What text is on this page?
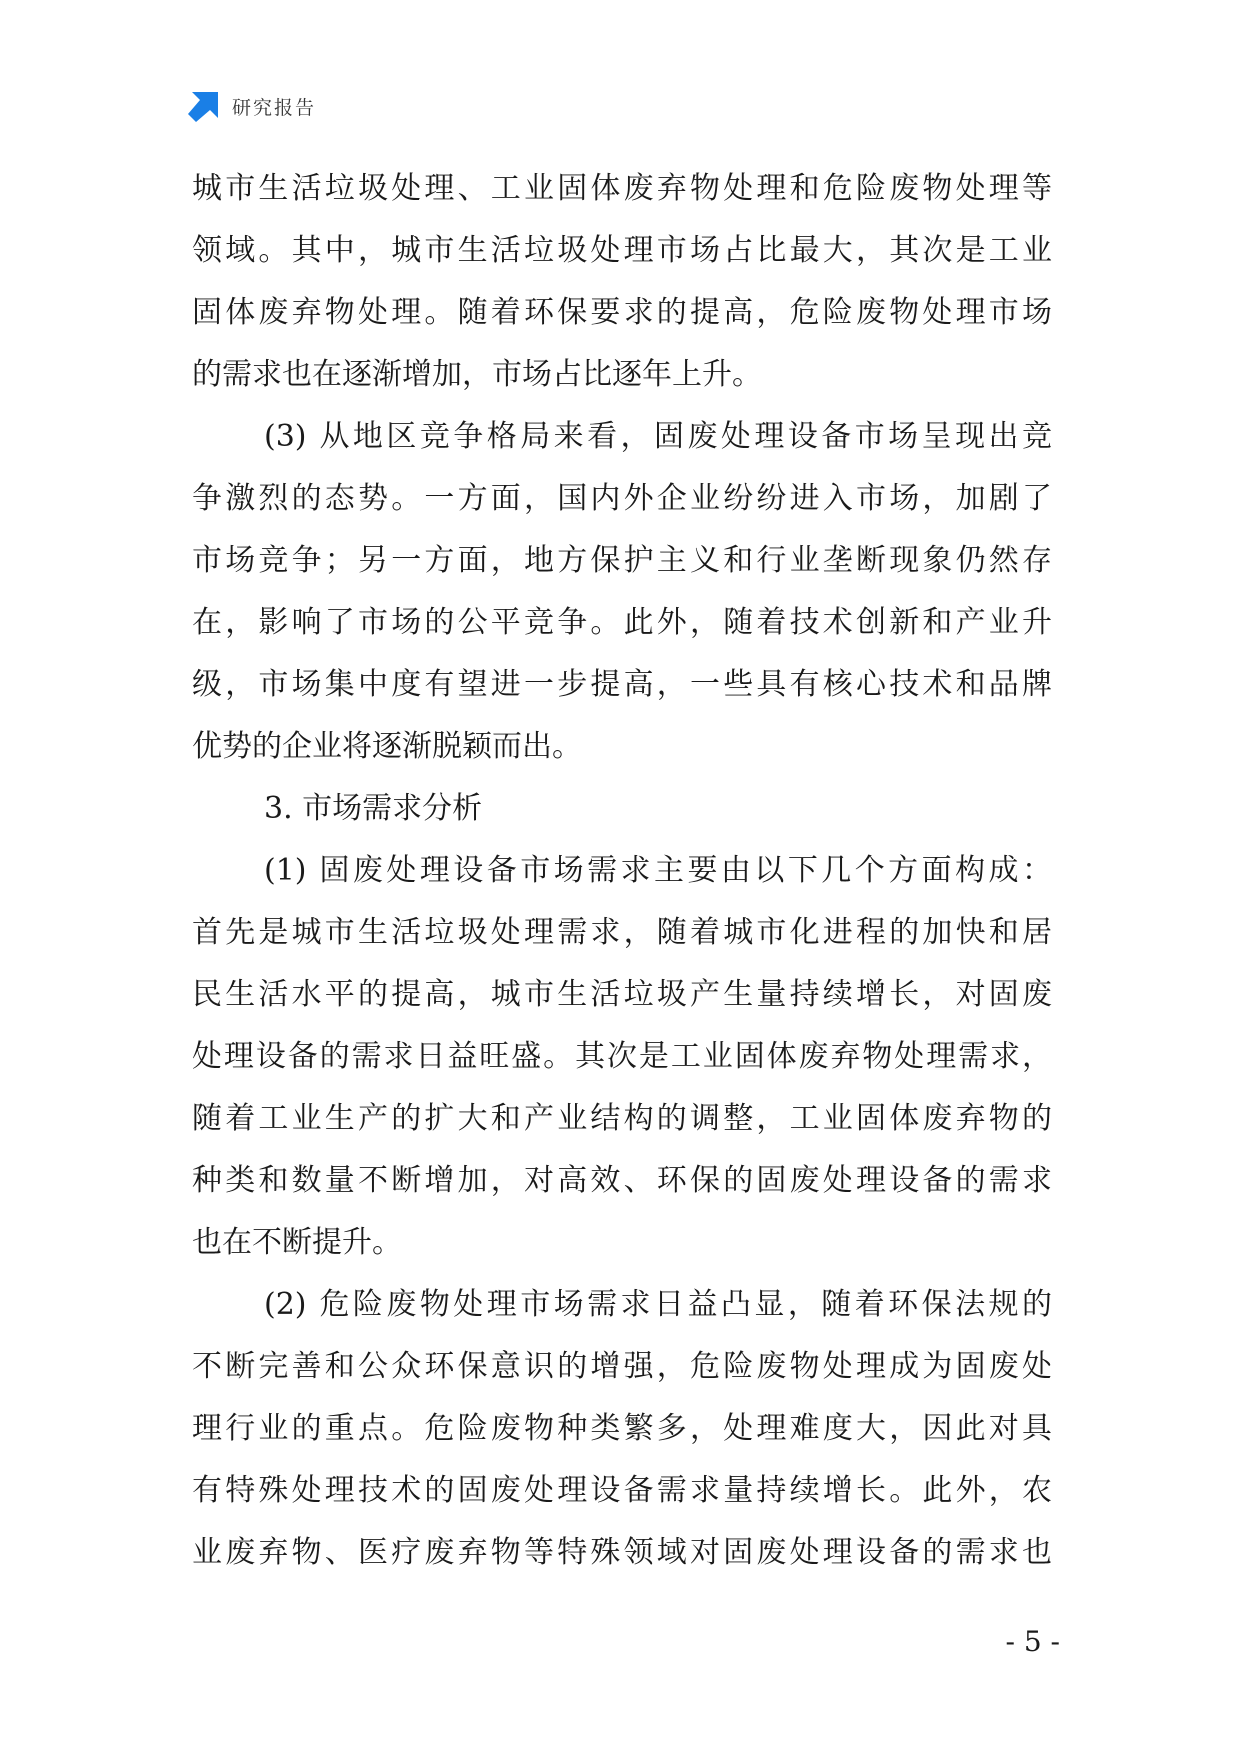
研究报告
城市生活垃圾处理、工业固体废弃物处理和危险废物处理等
领域。其中，城市生活垃圾处理市场占比最大，其次是工业
固体废弃物处理。随着环保要求的提高，危险废物处理市场
的需求也在逐渐增加，市场占比逐年上升。
(3) 从地区竞争格局来看，固废处理设备市场呈现出竞
争激烈的态势。一方面，国内外企业纷纷进入市场，加剧了
市场竞争；另一方面，地方保护主义和行业垄断现象仍然存
在，影响了市场的公平竞争。此外，随着技术创新和产业升
级，市场集中度有望进一步提高，一些具有核心技术和品牌
优势的企业将逐渐脱颖而出。
3. 市场需求分析
(1) 固废处理设备市场需求主要由以下几个方面构成：
首先是城市生活垃圾处理需求，随着城市化进程的加快和居
民生活水平的提高，城市生活垃圾产生量持续增长，对固废
处理设备的需求日益旺盛。其次是工业固体废弃物处理需求，
随着工业生产的扩大和产业结构的调整，工业固体废弃物的
种类和数量不断增加，对高效、环保的固废处理设备的需求
也在不断提升。
(2) 危险废物处理市场需求日益凸显，随着环保法规的
不断完善和公众环保意识的增强，危险废物处理成为固废处
理行业的重点。危险废物种类繁多，处理难度大，因此对具
有特殊处理技术的固废处理设备需求量持续增长。此外，农
业废弃物、医疗废弃物等特殊领域对固废处理设备的需求也
- 5 -
